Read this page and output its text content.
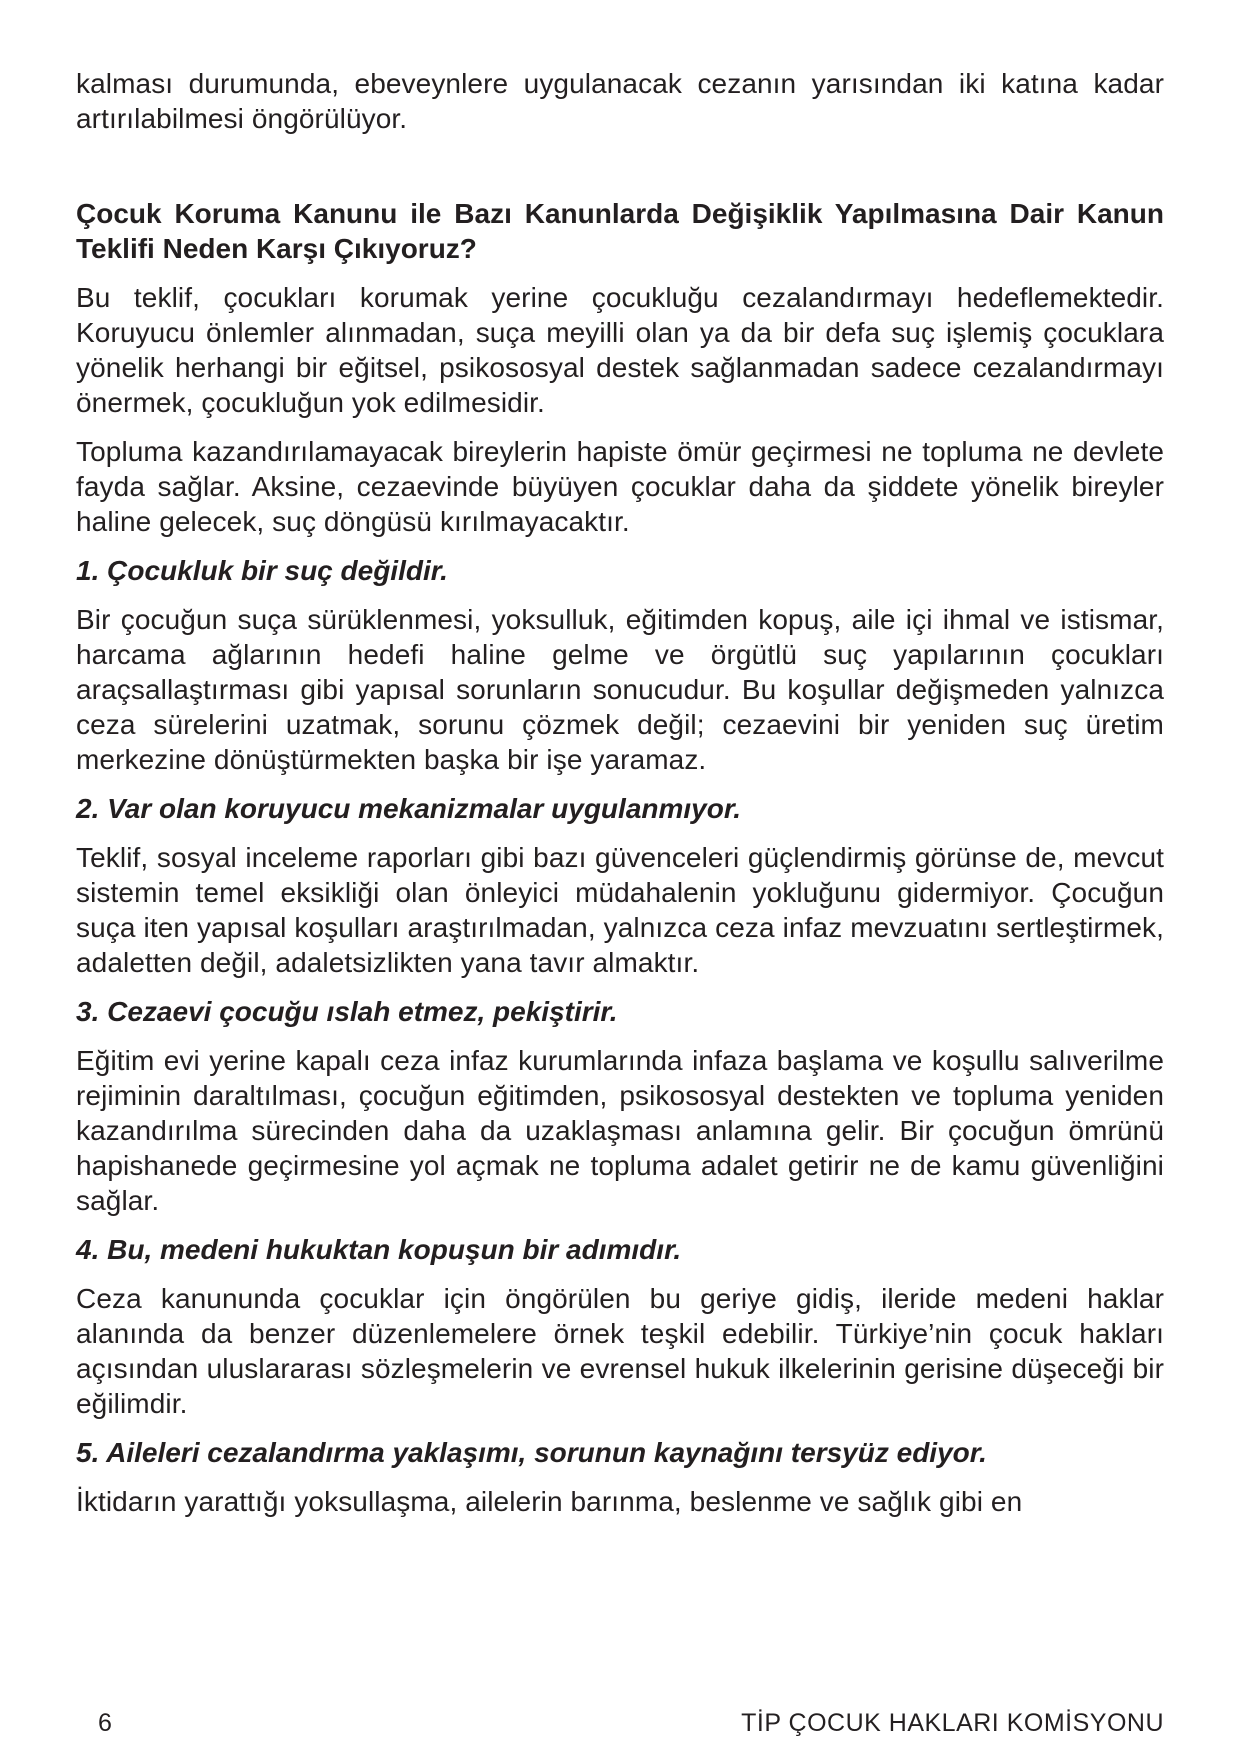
kalması durumunda, ebeveynlere uygulanacak cezanın yarısından iki katına kadar artırılabilmesi öngörülüyor.

Çocuk Koruma Kanunu ile Bazı Kanunlarda Değişiklik Yapılmasına Dair Kanun Teklifi Neden Karşı Çıkıyoruz?

Bu teklif, çocukları korumak yerine çocukluğu cezalandırmayı hedeflemektedir. Koruyucu önlemler alınmadan, suça meyilli olan ya da bir defa suç işlemiş çocuklara yönelik herhangi bir eğitsel, psikososyal destek sağlanmadan sadece cezalandırmayı önermek, çocukluğun yok edilmesidir.

Topluma kazandırılamayacak bireylerin hapiste ömür geçirmesi ne topluma ne devlete fayda sağlar. Aksine, cezaevinde büyüyen çocuklar daha da şiddete yönelik bireyler haline gelecek, suç döngüsü kırılmayacaktır.

1. Çocukluk bir suç değildir.

Bir çocuğun suça sürüklenmesi, yoksulluk, eğitimden kopuş, aile içi ihmal ve istismar, harcama ağlarının hedefi haline gelme ve örgütlü suç yapılarının çocukları araçsallaştırması gibi yapısal sorunların sonucudur. Bu koşullar değişmeden yalnızca ceza sürelerini uzatmak, sorunu çözmek değil; cezaevini bir yeniden suç üretim merkezine dönüştürmekten başka bir işe yaramaz.

2. Var olan koruyucu mekanizmalar uygulanmıyor.

Teklif, sosyal inceleme raporları gibi bazı güvenceleri güçlendirmiş görünse de, mevcut sistemin temel eksikliği olan önleyici müdahalenin yokluğunu gidermiyor. Çocuğun suça iten yapısal koşulları araştırılmadan, yalnızca ceza infaz mevzuatını sertleştirmek, adaletten değil, adaletsizlikten yana tavır almaktır.

3. Cezaevi çocuğu ıslah etmez, pekiştirir.

Eğitim evi yerine kapalı ceza infaz kurumlarında infaza başlama ve koşullu salıverilme rejiminin daraltılması, çocuğun eğitimden, psikososyal destekten ve topluma yeniden kazandırılma sürecinden daha da uzaklaşması anlamına gelir. Bir çocuğun ömrünü hapishanede geçirmesine yol açmak ne topluma adalet getirir ne de kamu güvenliğini sağlar.

4. Bu, medeni hukuktan kopuşun bir adımıdır.

Ceza kanununda çocuklar için öngörülen bu geriye gidiş, ileride medeni haklar alanında da benzer düzenlemelere örnek teşkil edebilir. Türkiye’nin çocuk hakları açısından uluslararası sözleşmelerin ve evrensel hukuk ilkelerinin gerisine düşeceği bir eğilimdir.

5. Aileleri cezalandırma yaklaşımı, sorunun kaynağını tersyüz ediyor.

İktidarın yarattığı yoksullaşma, ailelerin barınma, beslenme ve sağlık gibi en

6	TİP ÇOCUK HAKLARI KOMİSYONU
